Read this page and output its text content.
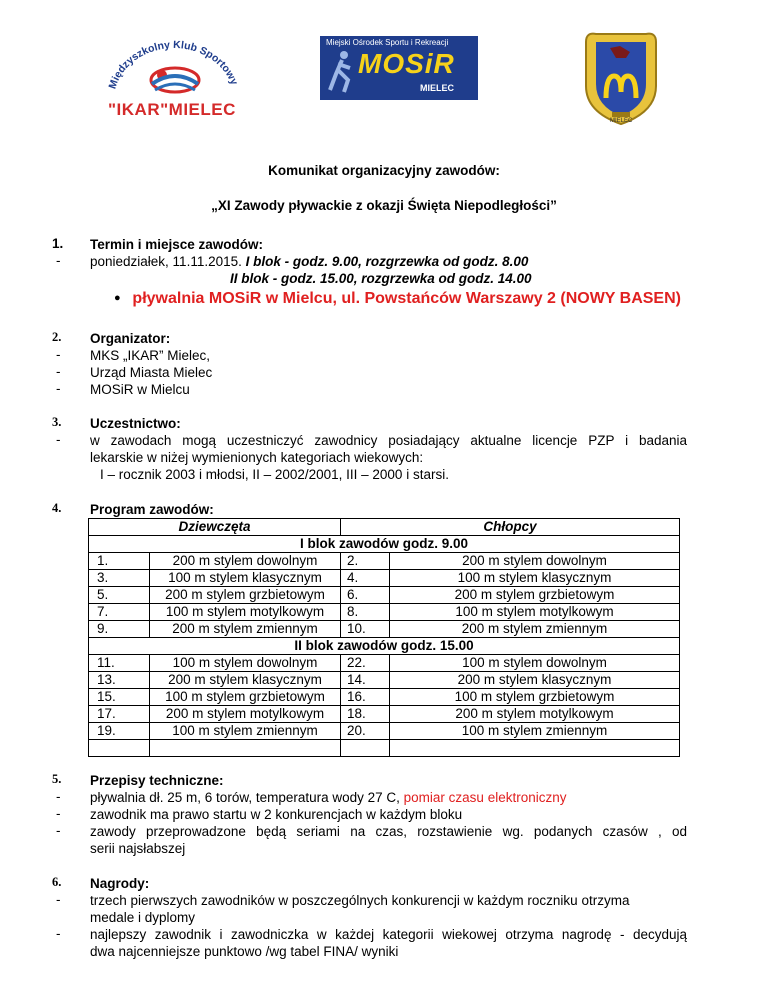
Międzyszkolny Klub Sportowy
"IKAR"MIELEC
Miejski Ośrodek Sportu i Rekreacji
MOSiR
MIELEC
MIELEC
Komunikat organizacyjny zawodów:
„XI Zawody pływackie z okazji Święta Niepodległości”
1. Termin i miejsce zawodów:
- poniedziałek, 11.11.2015. I blok - godz. 9.00, rozgrzewka od godz. 8.00
II blok - godz. 15.00, rozgrzewka od godz. 14.00
● pływalnia MOSiR w Mielcu, ul. Powstańców Warszawy 2 (NOWY BASEN)
2. Organizator:
- MKS „IKAR” Mielec,
- Urząd Miasta Mielec
- MOSiR w Mielcu
3. Uczestnictwo:
- w zawodach mogą uczestniczyć zawodnicy posiadający aktualne licencje PZP i badania
lekarskie w niżej wymienionych kategoriach wiekowych:
I – rocznik 2003 i młodsi, II – 2002/2001, III – 2000 i starsi.
4. Program zawodów:
Dziewczęta		Chłopcy	
I blok zawodów godz. 9.00			
1.	200 m stylem dowolnym	2.	200 m stylem dowolnym
3.	100 m stylem klasycznym	4.	100 m stylem klasycznym
5.	200 m stylem grzbietowym	6.	200 m stylem grzbietowym
7.	100 m stylem motylkowym	8.	100 m stylem motylkowym
9.	200 m stylem zmiennym	10.	200 m stylem zmiennym
II blok zawodów godz. 15.00			
11.	100 m stylem dowolnym	22.	100 m stylem dowolnym
13.	200 m stylem klasycznym	14.	200 m stylem klasycznym
15.	100 m stylem grzbietowym	16.	100 m stylem grzbietowym
17.	200 m stylem motylkowym	18.	200 m stylem motylkowym
19.	100 m stylem zmiennym	20.	100 m stylem zmiennym

5. Przepisy techniczne:
- pływalnia dł. 25 m, 6 torów, temperatura wody 27 C, pomiar czasu elektroniczny
- zawodnik ma prawo startu w 2 konkurencjach w każdym bloku
- zawody przeprowadzone będą seriami na czas, rozstawienie wg. podanych czasów , od
serii najsłabszej
6. Nagrody:
- trzech pierwszych zawodników w poszczególnych konkurencji w każdym roczniku otrzyma
medale i dyplomy
- najlepszy zawodnik i zawodniczka w każdej kategorii wiekowej otrzyma nagrodę - decydują
dwa najcenniejsze punktowo /wg tabel FINA/ wyniki
